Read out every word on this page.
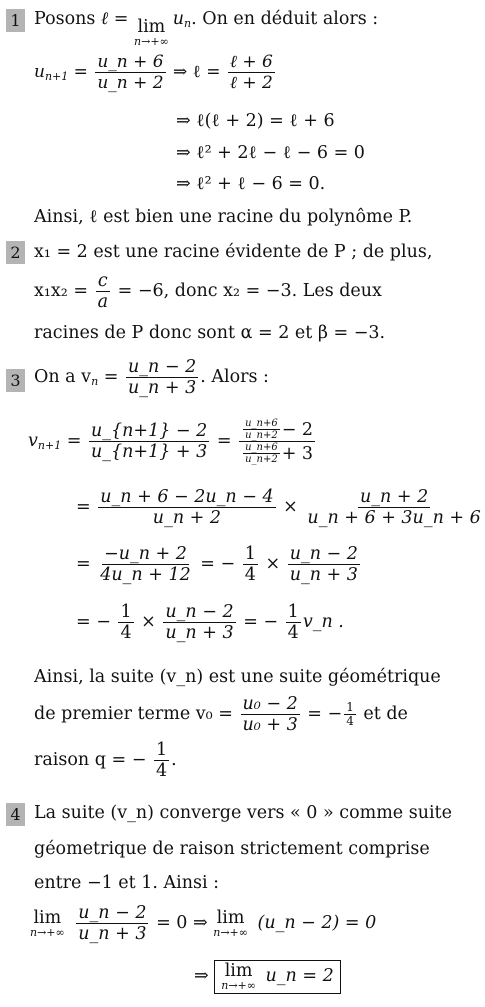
1 Posons ℓ = lim
n→+∞
$u_n$. On en déduit alors :
$u_{n+1} = \frac{u\_n + 6}{u\_n + 2}$ ⇒ ℓ = $\frac{\text{ℓ + 6}}{\text{ℓ + 2}}$
⇒ ℓ(ℓ + 2) = ℓ + 6
⇒ ℓ² + 2ℓ − ℓ − 6 = 0
⇒ ℓ² + ℓ − 6 = 0.
Ainsi, ℓ est bien une racine du polynôme P.
2 x₁ = 2 est une racine évidente de P ; de plus,
$x_1x_2 = \frac{c}{a} = -6$, donc x₂ = −3. Les deux
racines de P donc sont α = 2 et β = −3.
3 On a $v_n = \frac{u\_n - 2}{u\_n + 3}$ . Alors :
$v_{n+1} = \frac{u\_\{n+1\} - 2}{u\_\{n+1\} + 3} = \frac{\frac{u\_n+6}{u\_n+2} - 2}{\frac{u\_n+6}{u\_n+2} + 3}$
= $\frac{u\_n + 6 - 2u\_n - 4}{u\_n + 2} \times \frac{u\_n + 2}{u\_n + 6 + 3u\_n + 6}$
= $\frac{-u\_n + 2}{4u\_n + 12}$ = − $\frac{1}{4} \times \frac{u\_n - 2}{u\_n + 3}$
= − $\frac{1}{4} \times \frac{u\_n - 2}{u\_n + 3}$ = − $\frac{1}{4}$ v_n .
Ainsi, la suite (v_n) est une suite géométrique
de premier terme $v_0 = \frac{\text{u₀ − 2}}{\text{u₀ + 3}}$ = − $\frac{1}{4}$ et de
raison q = − $\frac{1}{4}$ .
4 La suite (v_n) converge vers « 0 » comme suite
géometrique de raison strictement comprise
entre −1 et 1. Ainsi :
lim
n→+∞
$\frac{u\_n - 2}{u\_n + 3} = 0$ ⇒ lim
n→+∞ (u_n − 2) = 0
⇒ lim
n→+∞ u_n = 2
